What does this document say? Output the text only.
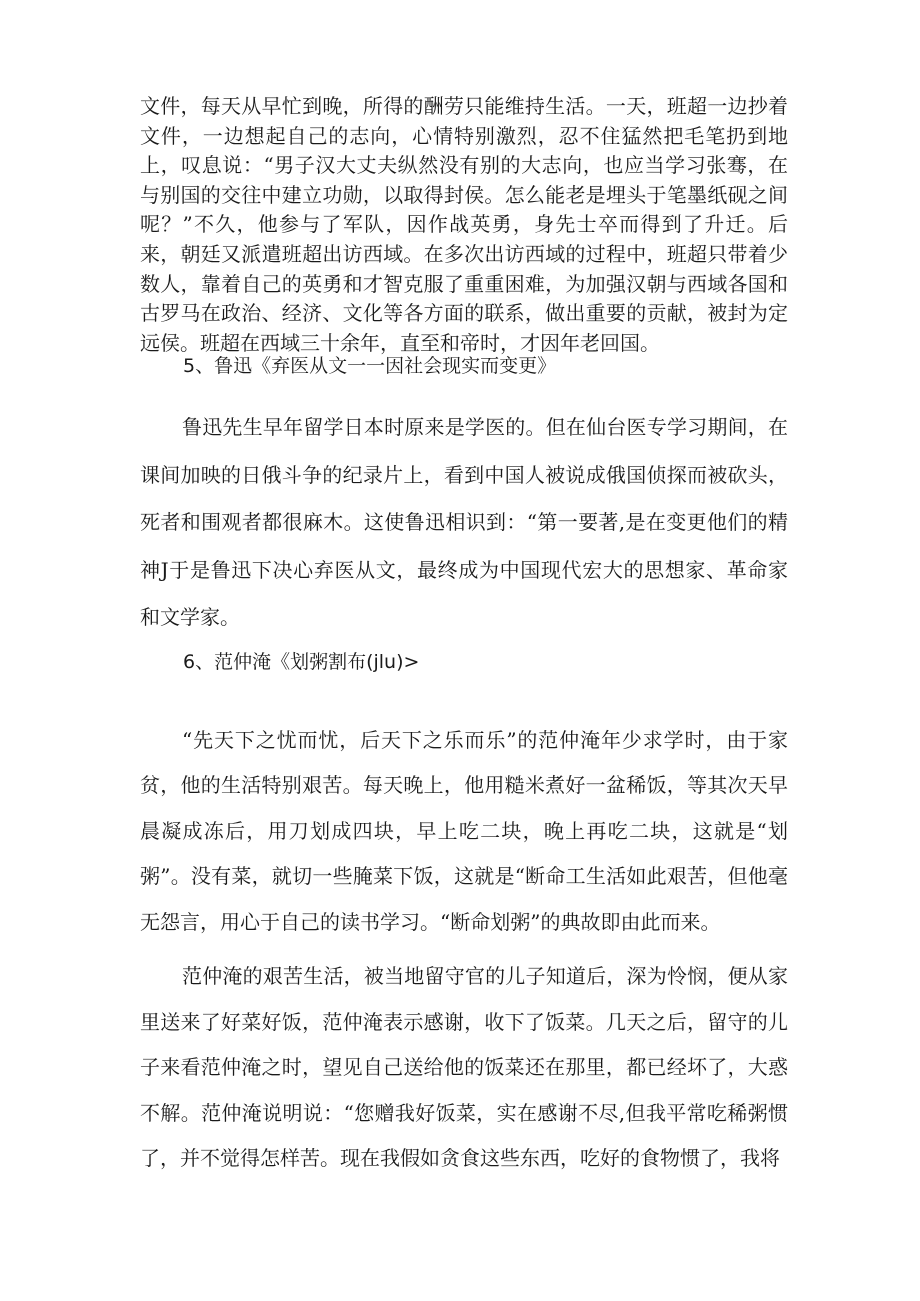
文件，每天从早忙到晚，所得的酬劳只能维持生活。一天，班超一边抄着文件，一边想起自己的志向，心情特别激烈，忍不住猛然把毛笔扔到地上，叹息说：“男子汉大丈夫纵然没有别的大志向，也应当学习张骞，在与别国的交往中建立功勋，以取得封侯。怎么能老是埋头于笔墨纸砚之间呢？”不久，他参与了军队，因作战英勇，身先士卒而得到了升迁。后来，朝廷又派遣班超出访西域。在多次出访西域的过程中，班超只带着少数人，靠着自己的英勇和才智克服了重重困难，为加强汉朝与西域各国和古罗马在政治、经济、文化等各方面的联系，做出重要的贡献，被封为定远侯。班超在西域三十余年，直至和帝时，才因年老回国。

5、鲁迅《弃医从文一一因社会现实而变更》

鲁迅先生早年留学日本时原来是学医的。但在仙台医专学习期间，在课间加映的日俄斗争的纪录片上，看到中国人被说成俄国侦探而被砍头，死者和围观者都很麻木。这使鲁迅相识到：“第一要著,是在变更他们的精神J于是鲁迅下决心弃医从文，最终成为中国现代宏大的思想家、革命家和文学家。

6、范仲淹《划粥割布(jlu)>

“先天下之忧而忧，后天下之乐而乐”的范仲淹年少求学时，由于家贫，他的生活特别艰苦。每天晚上，他用糙米煮好一盆稀饭，等其次天早晨凝成冻后，用刀划成四块，早上吃二块，晚上再吃二块，这就是“划粥”。没有菜，就切一些腌菜下饭，这就是“断命工生活如此艰苦，但他毫无怨言，用心于自己的读书学习。“断命划粥”的典故即由此而来。

范仲淹的艰苦生活，被当地留守官的儿子知道后，深为怜悯，便从家里送来了好菜好饭，范仲淹表示感谢，收下了饭菜。几天之后，留守的儿子来看范仲淹之时，望见自己送给他的饭菜还在那里，都已经坏了，大惑不解。范仲淹说明说：“您赠我好饭菜，实在感谢不尽,但我平常吃稀粥惯了，并不觉得怎样苦。现在我假如贪食这些东西，吃好的食物惯了，我将
